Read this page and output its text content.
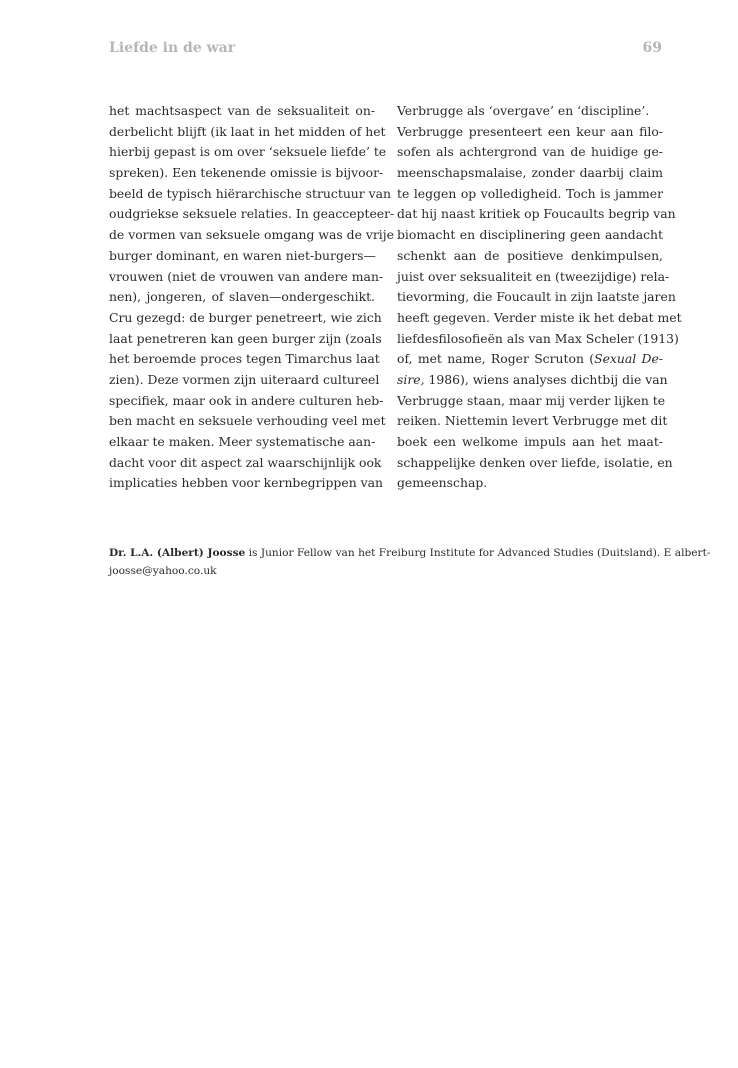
Liefde in de war	69
het machtsaspect van de seksualiteit on-
derbelicht blijft (ik laat in het midden of het
hierbij gepast is om over ‘seksuele liefde’ te
spreken). Een tekenende omissie is bijvoor-
beeld de typisch hiërarchische structuur van
oudgriekse seksuele relaties. In geaccepteer-
de vormen van seksuele omgang was de vrije
burger dominant, en waren niet-burgers—
vrouwen (niet de vrouwen van andere man-
nen), jongeren, of slaven—ondergeschikt.
Cru gezegd: de burger penetreert, wie zich
laat penetreren kan geen burger zijn (zoals
het beroemde proces tegen Timarchus laat
zien). Deze vormen zijn uiteraard cultureel
specifiek, maar ook in andere culturen heb-
ben macht en seksuele verhouding veel met
elkaar te maken. Meer systematische aan-
dacht voor dit aspect zal waarschijnlijk ook
implicaties hebben voor kernbegrippen van
Verbrugge als ‘overgave’ en ‘discipline’.
Verbrugge presenteert een keur aan filo-
sofen als achtergrond van de huidige ge-
meenschapsmalaise, zonder daarbij claim
te leggen op volledigheid. Toch is jammer
dat hij naast kritiek op Foucaults begrip van
biomacht en disciplinering geen aandacht
schenkt aan de positieve denkimpulsen,
juist over seksualiteit en (tweezijdige) rela-
tievorming, die Foucault in zijn laatste jaren
heeft gegeven. Verder miste ik het debat met
liefdesfilosofieën als van Max Scheler (1913)
of, met name, Roger Scruton (Sexual De-
sire, 1986), wiens analyses dichtbij die van
Verbrugge staan, maar mij verder lijken te
reiken. Niettemin levert Verbrugge met dit
boek een welkome impuls aan het maat-
schappelijke denken over liefde, isolatie, en
gemeenschap.
Dr. L.A. (Albert) Joosse is Junior Fellow van het Freiburg Institute for Advanced Studies (Duitsland). E albert-
joosse@yahoo.co.uk
